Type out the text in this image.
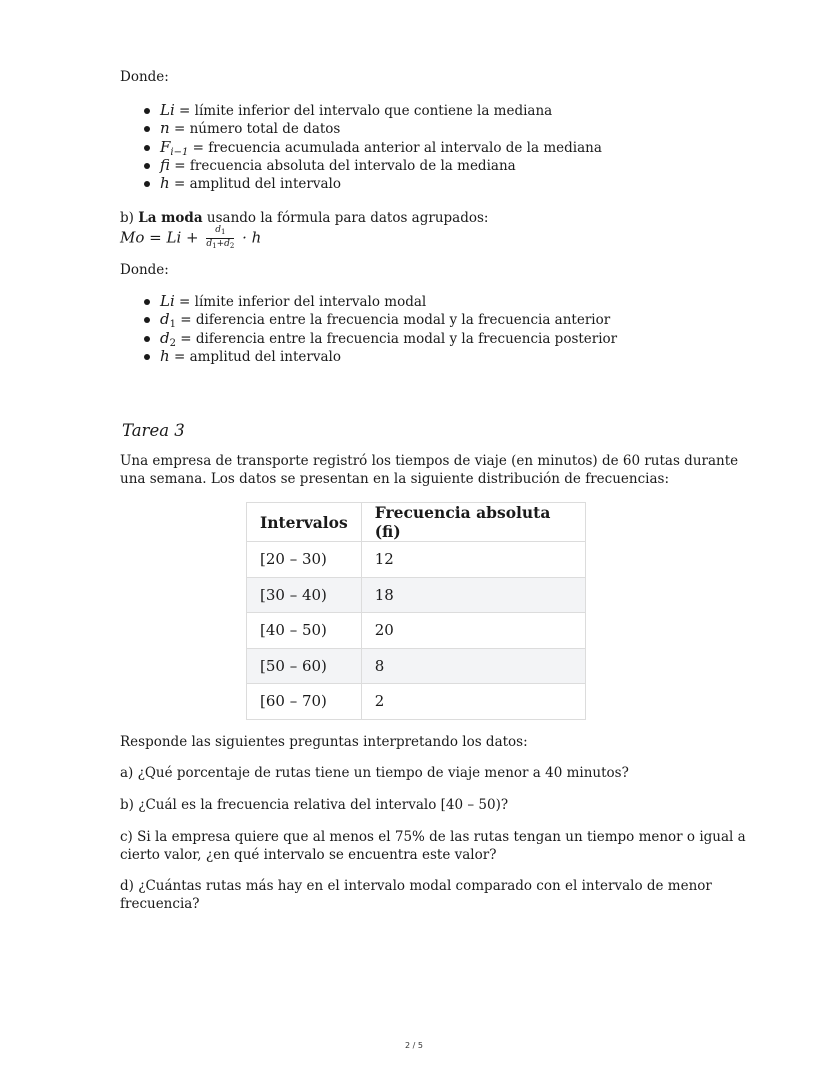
Donde:
Li = límite inferior del intervalo que contiene la mediana
n = número total de datos
$F_{i-1}$ = frecuencia acumulada anterior al intervalo de la mediana
fi = frecuencia absoluta del intervalo de la mediana
h = amplitud del intervalo
b) La moda usando la fórmula para datos agrupados:
$Mo = Li + \frac{d_1}{d_1+d_2} \cdot h$
Donde:
Li = límite inferior del intervalo modal
$d_1$ = diferencia entre la frecuencia modal y la frecuencia anterior
$d_2$ = diferencia entre la frecuencia modal y la frecuencia posterior
h = amplitud del intervalo
Tarea 3
Una empresa de transporte registró los tiempos de viaje (en minutos) de 60 rutas durante
una semana. Los datos se presentan en la siguiente distribución de frecuencias:
Intervalos	Frecuencia absoluta (fi)
[20 – 30)	12
[30 – 40)	18
[40 – 50)	20
[50 – 60)	8
[60 – 70)	2
Responde las siguientes preguntas interpretando los datos:
a) ¿Qué porcentaje de rutas tiene un tiempo de viaje menor a 40 minutos?
b) ¿Cuál es la frecuencia relativa del intervalo [40 – 50)?
c) Si la empresa quiere que al menos el 75% de las rutas tengan un tiempo menor o igual a
cierto valor, ¿en qué intervalo se encuentra este valor?
d) ¿Cuántas rutas más hay en el intervalo modal comparado con el intervalo de menor
frecuencia?
2 / 5
